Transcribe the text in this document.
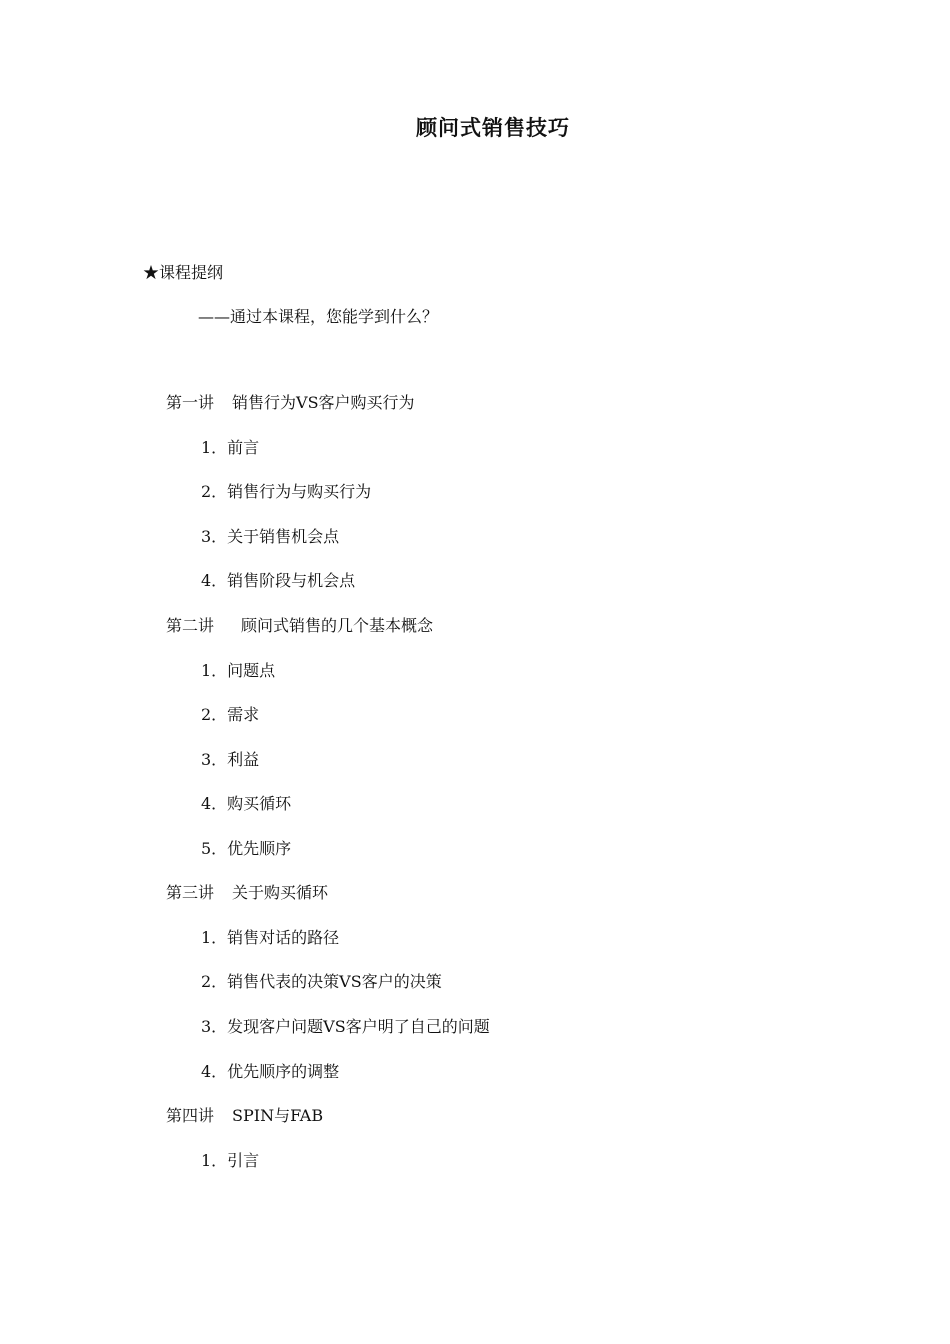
顾问式销售技巧
★课程提纲
——通过本课程，您能学到什么？
第一讲 销售行为VS客户购买行为
1．前言
2．销售行为与购买行为
3．关于销售机会点
4．销售阶段与机会点
第二讲 顾问式销售的几个基本概念
1．问题点
2．需求
3．利益
4．购买循环
5．优先顺序
第三讲 关于购买循环
1．销售对话的路径
2．销售代表的决策VS客户的决策
3．发现客户问题VS客户明了自己的问题
4．优先顺序的调整
第四讲 SPIN与FAB
1．引言
